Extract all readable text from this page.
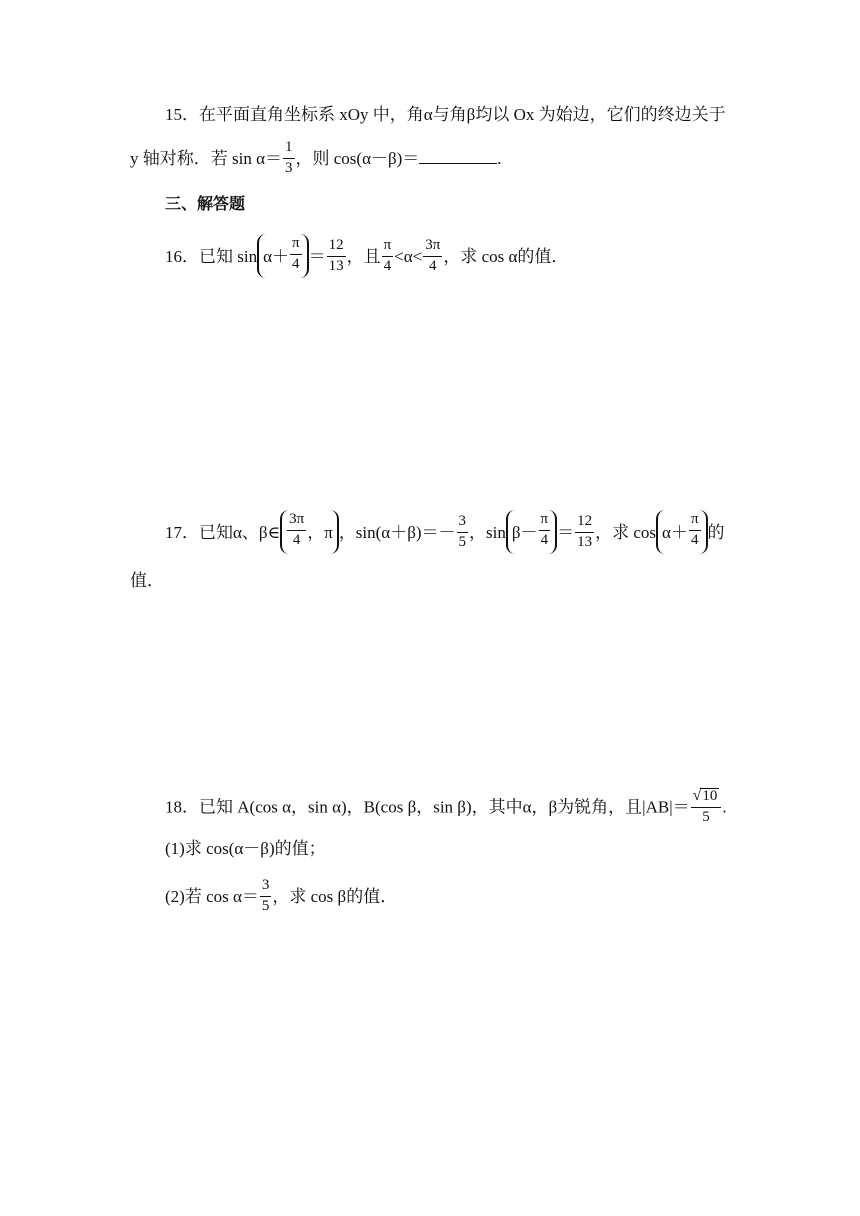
15．在平面直角坐标系 xOy 中，角α与角β均以 Ox 为始边，它们的终边关于
y 轴对称．若 $\sin \alpha= \frac{1}{3}$ ，则 cos(α－β)＝	.
三、解答题
16．已知 $\sin \alpha+ \frac{\pi}{4} = \frac{12}{13}$ ，且 $\frac{\pi}{4} <\alpha< \frac{3\pi}{4}$ ，求 cos α的值．
17．已知α、β∈ $\frac{3\pi}{4}$ ，π ，$\sin(\alpha+\beta)=- \frac{3}{5}$ ，$\sin \beta- \frac{\pi}{4} = \frac{12}{13}$ ，求 $\cos \alpha+ \frac{\pi}{4}$ 的
值．
18．已知 A(cos α，sin α)，B(cos β，sin β)，其中α，β为锐角，且$|AB|= \frac{√10}{5}$ .
(1)求 cos(α－β)的值；
(2)若 $\cos \alpha= \frac{3}{5}$ ，求 cos β的值．
